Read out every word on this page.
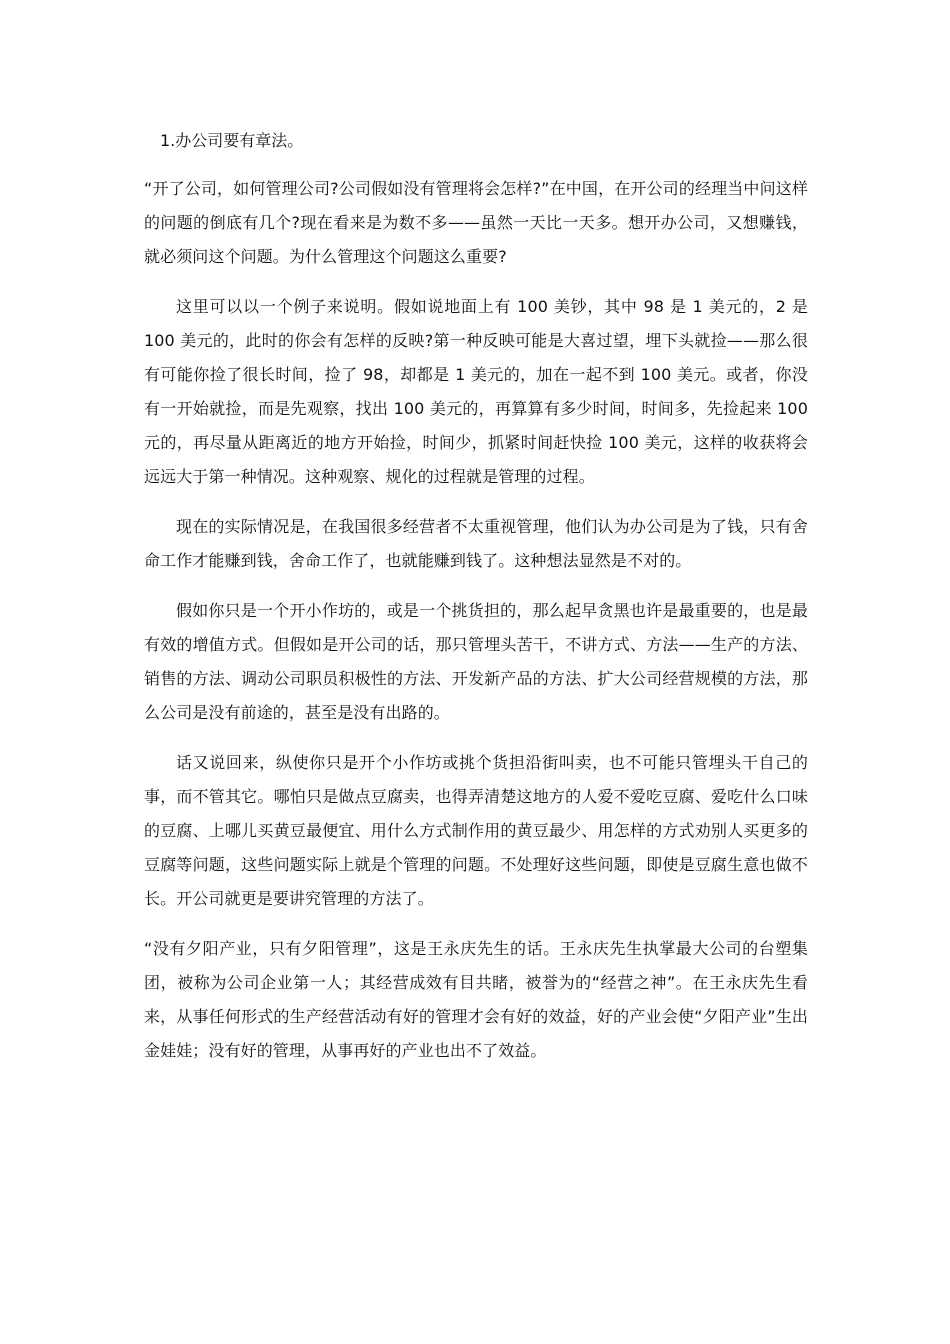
1.办公司要有章法。

“开了公司，如何管理公司?公司假如没有管理将会怎样?”在中国，在开公司的经理当中问这样的问题的倒底有几个?现在看来是为数不多——虽然一天比一天多。想开办公司，又想赚钱，就必须问这个问题。为什么管理这个问题这么重要?

这里可以以一个例子来说明。假如说地面上有 100 美钞，其中 98 是 1 美元的，2 是 100 美元的，此时的你会有怎样的反映?第一种反映可能是大喜过望，埋下头就捡——那么很有可能你捡了很长时间，捡了 98，却都是 1 美元的，加在一起不到 100 美元。或者，你没有一开始就捡，而是先观察，找出 100 美元的，再算算有多少时间，时间多，先捡起来 100 元的，再尽量从距离近的地方开始捡，时间少，抓紧时间赶快捡 100 美元，这样的收获将会远远大于第一种情况。这种观察、规化的过程就是管理的过程。

现在的实际情况是，在我国很多经营者不太重视管理，他们认为办公司是为了钱，只有舍命工作才能赚到钱，舍命工作了，也就能赚到钱了。这种想法显然是不对的。

假如你只是一个开小作坊的，或是一个挑货担的，那么起早贪黑也许是最重要的，也是最有效的增值方式。但假如是开公司的话，那只管埋头苦干，不讲方式、方法——生产的方法、销售的方法、调动公司职员积极性的方法、开发新产品的方法、扩大公司经营规模的方法，那么公司是没有前途的，甚至是没有出路的。

话又说回来，纵使你只是开个小作坊或挑个货担沿街叫卖，也不可能只管埋头干自己的事，而不管其它。哪怕只是做点豆腐卖，也得弄清楚这地方的人爱不爱吃豆腐、爱吃什么口味的豆腐、上哪儿买黄豆最便宜、用什么方式制作用的黄豆最少、用怎样的方式劝别人买更多的豆腐等问题，这些问题实际上就是个管理的问题。不处理好这些问题，即使是豆腐生意也做不长。开公司就更是要讲究管理的方法了。

“没有夕阳产业，只有夕阳管理”，这是王永庆先生的话。王永庆先生执掌最大公司的台塑集团，被称为公司企业第一人；其经营成效有目共睹，被誉为的“经营之神”。在王永庆先生看来，从事任何形式的生产经营活动有好的管理才会有好的效益，好的产业会使“夕阳产业”生出金娃娃；没有好的管理，从事再好的产业也出不了效益。
